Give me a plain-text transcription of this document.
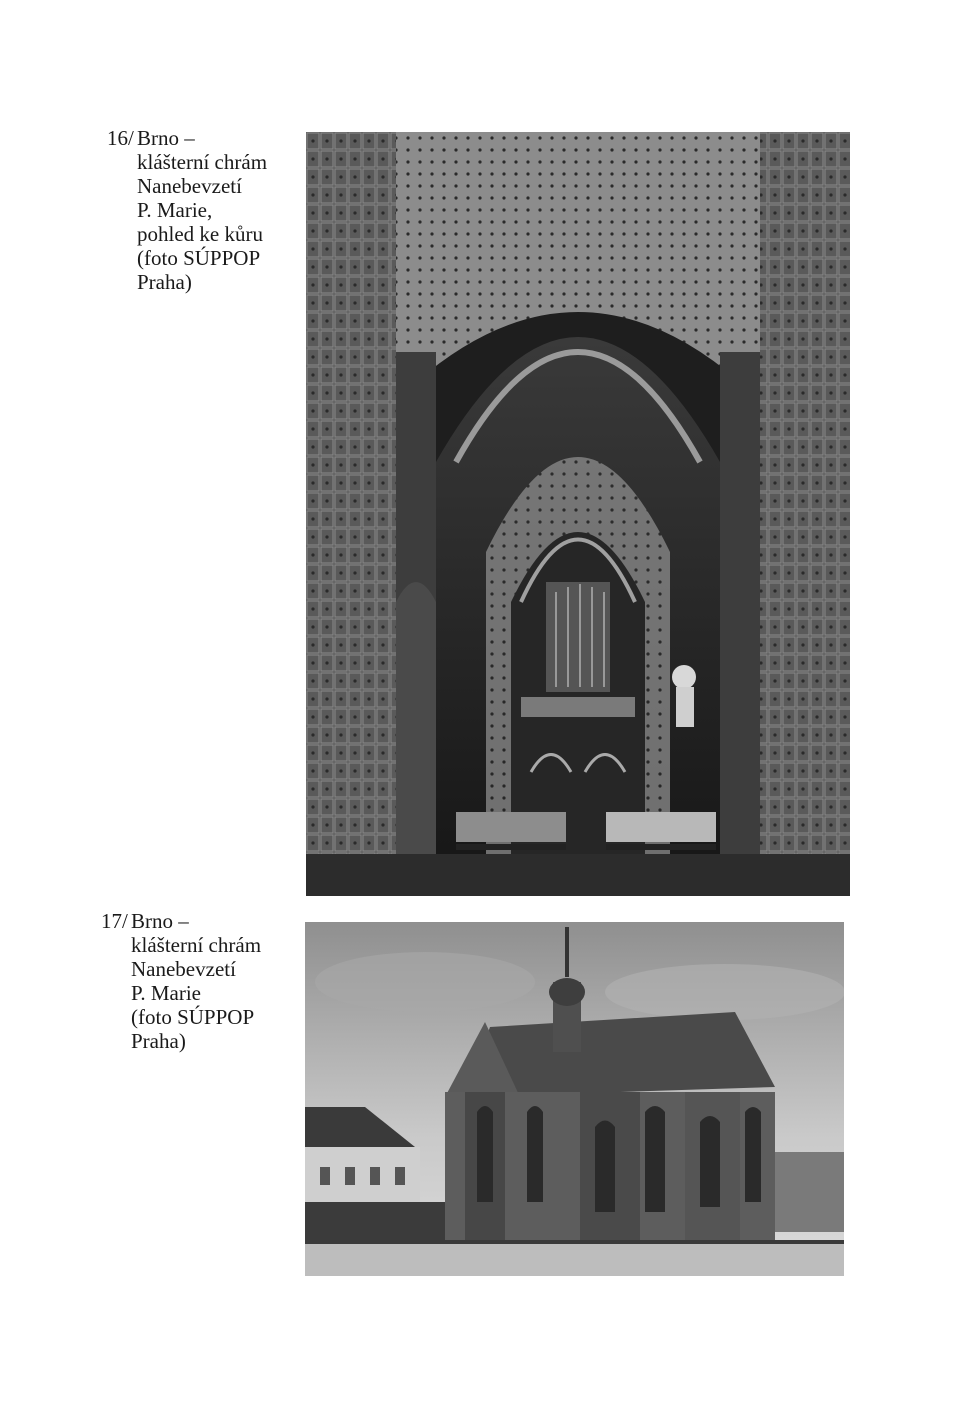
16/ Brno –
klášterní chrám
Nanebevzetí
P. Marie,
pohled ke kůru
(foto SÚPPOP
Praha)
17/ Brno –
klášterní chrám
Nanebevzetí
P. Marie
(foto SÚPPOP
Praha)
